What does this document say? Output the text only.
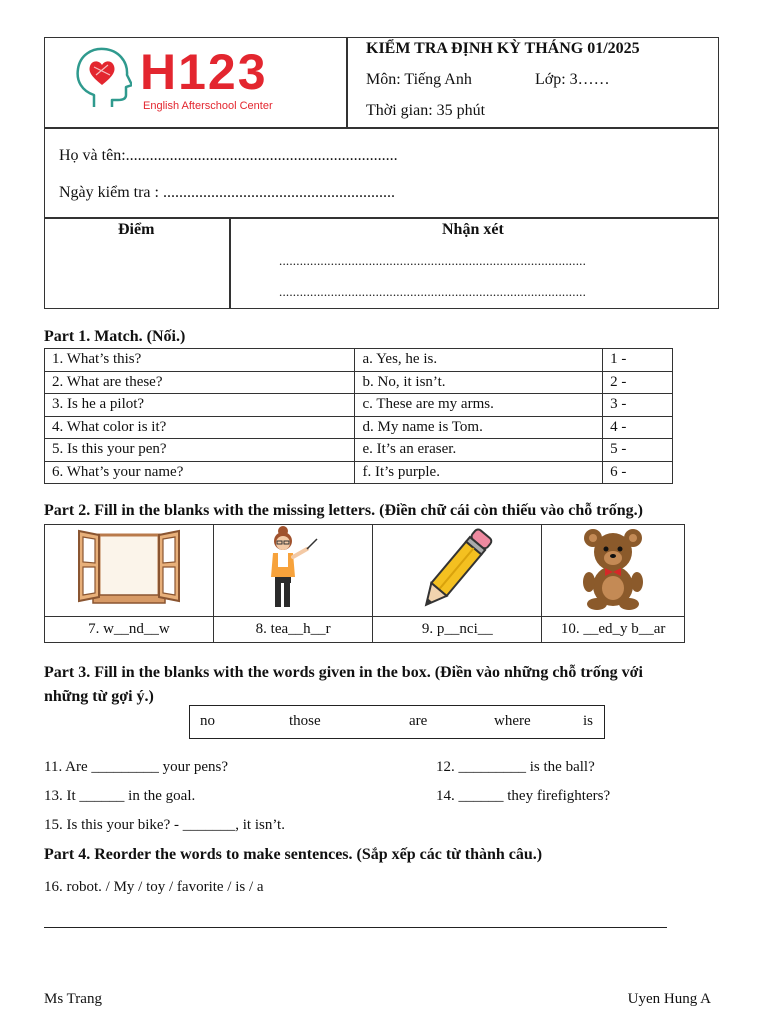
H123
English Afterschool Center
KIỂM TRA ĐỊNH KỲ THÁNG 01/2025
Môn: Tiếng Anh	Lớp: 3……
Thời gian: 35 phút
Họ và tên:....................................................................
Ngày kiểm tra : ..........................................................
Điểm	Nhận xét
.........................................................................................
.........................................................................................
Part 1. Match. (Nối.)
1. What’s this?	a. Yes, he is.	1 -
2. What are these?	b. No, it isn’t.	2 -
3. Is he a pilot?	c. These are my arms.	3 -
4. What color is it?	d. My name is Tom.	4 -
5. Is this your pen?	e. It’s an eraser.	5 -
6. What’s your name?	f. It’s purple.	6 -
Part 2. Fill in the blanks with the missing letters. (Điền chữ cái còn thiếu vào chỗ trống.)

7. w__nd__w	8. tea__h__r	9. p__nci__	10. __ed_y b__ar
Part 3. Fill in the blanks with the words given in the box. (Điền vào những chỗ trống với
những từ gợi ý.)
no	those	are	where	is
11. Are _________ your pens?	12. _________ is the ball?
13. It ______ in the goal.	14. ______ they firefighters?
15. Is this your bike? - _______, it isn’t.
Part 4. Reorder the words to make sentences. (Sắp xếp các từ thành câu.)
16. robot. / My / toy / favorite / is / a
Ms Trang	Uyen Hung A
